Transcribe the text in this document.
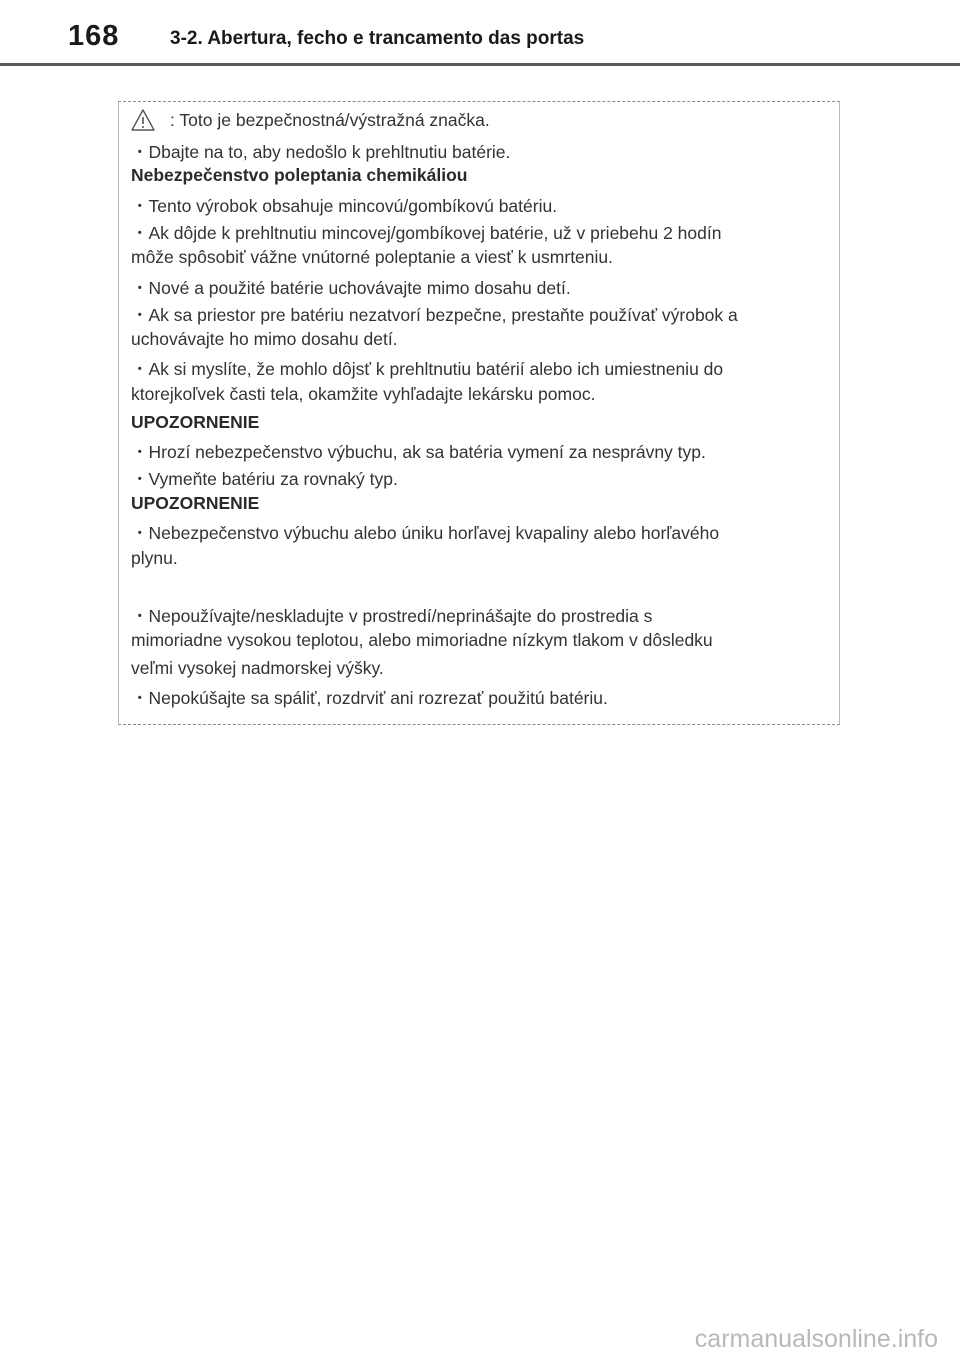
168	3-2. Abertura, fecho e trancamento das portas
: Toto je bezpečnostná/výstražná značka.
・ Dbajte na to, aby nedošlo k prehltnutiu batérie.
Nebezpečenstvo poleptania chemikáliou
・ Tento výrobok obsahuje mincovú/gombíkovú batériu.
・ Ak dôjde k prehltnutiu mincovej/gombíkovej batérie, už v priebehu 2 hodín
môže spôsobiť vážne vnútorné poleptanie a viesť k usmrteniu.
・ Nové a použité batérie uchovávajte mimo dosahu detí.
・ Ak sa priestor pre batériu nezatvorí bezpečne, prestaňte používať výrobok a
uchovávajte ho mimo dosahu detí.
・ Ak si myslíte, že mohlo dôjsť k prehltnutiu batérií alebo ich umiestneniu do
ktorejkoľvek časti tela, okamžite vyhľadajte lekársku pomoc.
UPOZORNENIE
・ Hrozí nebezpečenstvo výbuchu, ak sa batéria vymení za nesprávny typ.
・ Vymeňte batériu za rovnaký typ.
UPOZORNENIE
・ Nebezpečenstvo výbuchu alebo úniku horľavej kvapaliny alebo horľavého
plynu.
・ Nepoužívajte/neskladujte v prostredí/neprinášajte do prostredia s
mimoriadne vysokou teplotou, alebo mimoriadne nízkym tlakom v dôsledku
veľmi vysokej nadmorskej výšky.
・ Nepokúšajte sa spáliť, rozdrviť ani rozrezať použitú batériu.
carmanualsonline.info
